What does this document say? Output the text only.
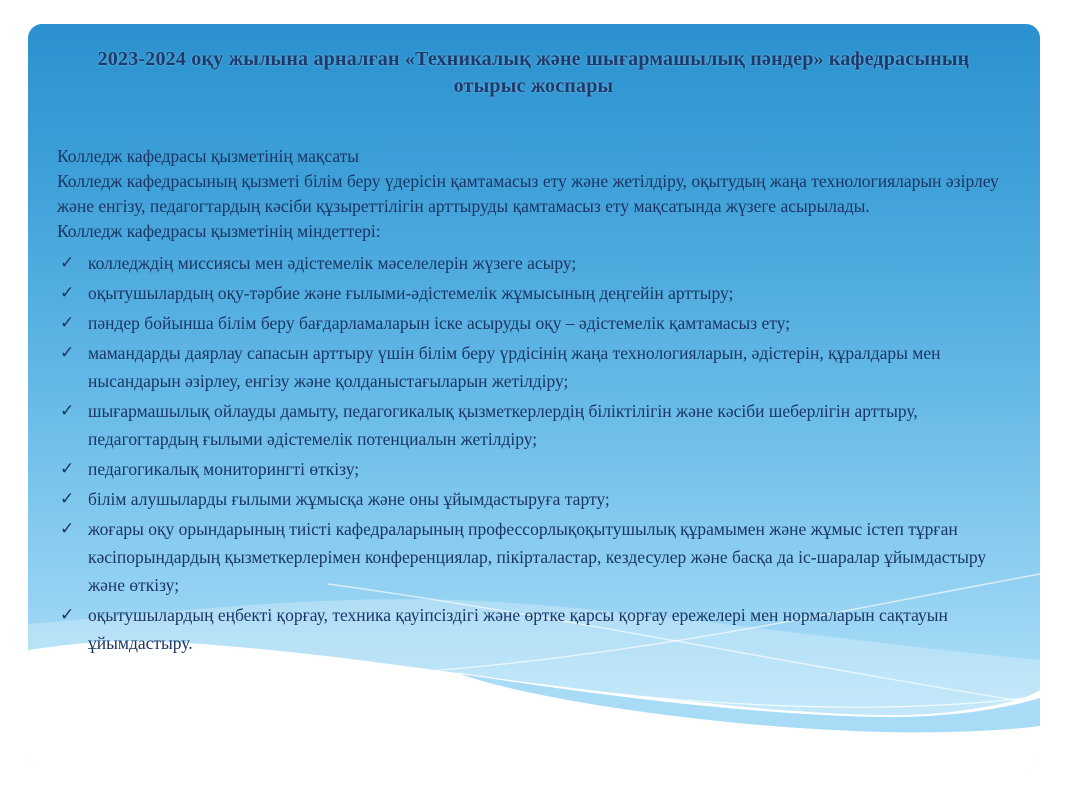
2023-2024 оқу жылына арналған «Техникалық және шығармашылық пәндер» кафедрасының
отырыс жоспары

Колледж кафедрасы қызметінің мақсаты

Колледж кафедрасының қызметі білім беру үдерісін қамтамасыз ету және жетілдіру, оқытудың жаңа технологияларын әзірлеу және енгізу, педагогтардың кәсіби құзыреттілігін арттыруды қамтамасыз ету мақсатында жүзеге асырылады.

Колледж кафедрасы қызметінің міндеттері:

✓ колледждің миссиясы мен әдістемелік мәселелерін жүзеге асыру;
✓ оқытушылардың оқу-тәрбие және ғылыми-әдістемелік жұмысының деңгейін арттыру;
✓ пәндер бойынша білім беру бағдарламаларын іске асыруды оқу – әдістемелік қамтамасыз ету;
✓ мамандарды даярлау сапасын арттыру үшін білім беру үрдісінің жаңа технологияларын, әдістерін, құралдары мен нысандарын әзірлеу, енгізу және қолданыстағыларын жетілдіру;
✓ шығармашылық ойлауды дамыту, педагогикалық қызметкерлердің біліктілігін және кәсіби шеберлігін арттыру, педагогтардың ғылыми әдістемелік потенциалын жетілдіру;
✓ педагогикалық мониторингті өткізу;
✓ білім алушыларды ғылыми жұмысқа және оны ұйымдастыруға тарту;
✓ жоғары оқу орындарының тиісті кафедраларының профессорлықоқытушылық құрамымен және жұмыс істеп тұрған кәсіпорындардың қызметкерлерімен конференциялар, пікірталастар, кездесулер және басқа да іс-шаралар ұйымдастыру және өткізу;
✓ оқытушылардың еңбекті қорғау, техника қауіпсіздігі және өртке қарсы қорғау ережелері мен нормаларын сақтауын ұйымдастыру.
